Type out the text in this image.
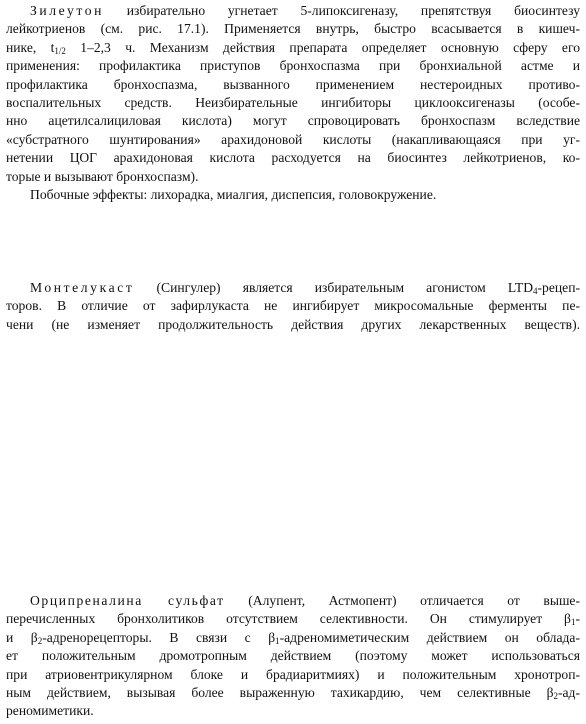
Зилеутон избирательно угнетает 5-липоксигеназу, препятствуя биосинтезу
лейкотриенов (см. рис. 17.1). Применяется внутрь, быстро всасывается в кишеч-
нике, $t_{1/2}$ 1–2,3 ч. Механизм действия препарата определяет основную сферу его
применения: профилактика приступов бронхоспазма при бронхиальной астме и
профилактика бронхоспазма, вызванного применением нестероидных противо-
воспалительных средств. Неизбирательные ингибиторы циклооксигеназы (особе-
нно ацетилсалициловая кислота) могут спровоцировать бронхоспазм вследствие
«субстратного шунтирования» арахидоновой кислоты (накапливающаяся при уг-
нетении ЦОГ арахидоновая кислота расходуется на биосинтез лейкотриенов, ко-
торые и вызывают бронхоспазм).
Побочные эффекты: лихорадка, миалгия, диспепсия, головокружение.
Монтелукаст (Сингулер) является избирательным агонистом $LTD_4-рецеп-$
торов. В отличие от зафирлукаста не ингибирует микросомальные ферменты пе-
чени (не изменяет продолжительность действия других лекарственных веществ).
Орципреналина сульфат (Алупент, Астмопент) отличается от выше-
перечисленных бронхолитиков отсутствием селективности. Он стимулирует $\beta_1-$
и $\beta_2$-адренорецепторы. В связи с $\beta_1$-адреномиметическим действием он облада-
ет положительным дромотропным действием (поэтому может использоваться
при атриовентрикулярном блоке и брадиаритмиях) и положительным хронотроп-
ным действием, вызывая более выраженную тахикардию, чем селективные $\beta_2-ад-$
реномиметики.
